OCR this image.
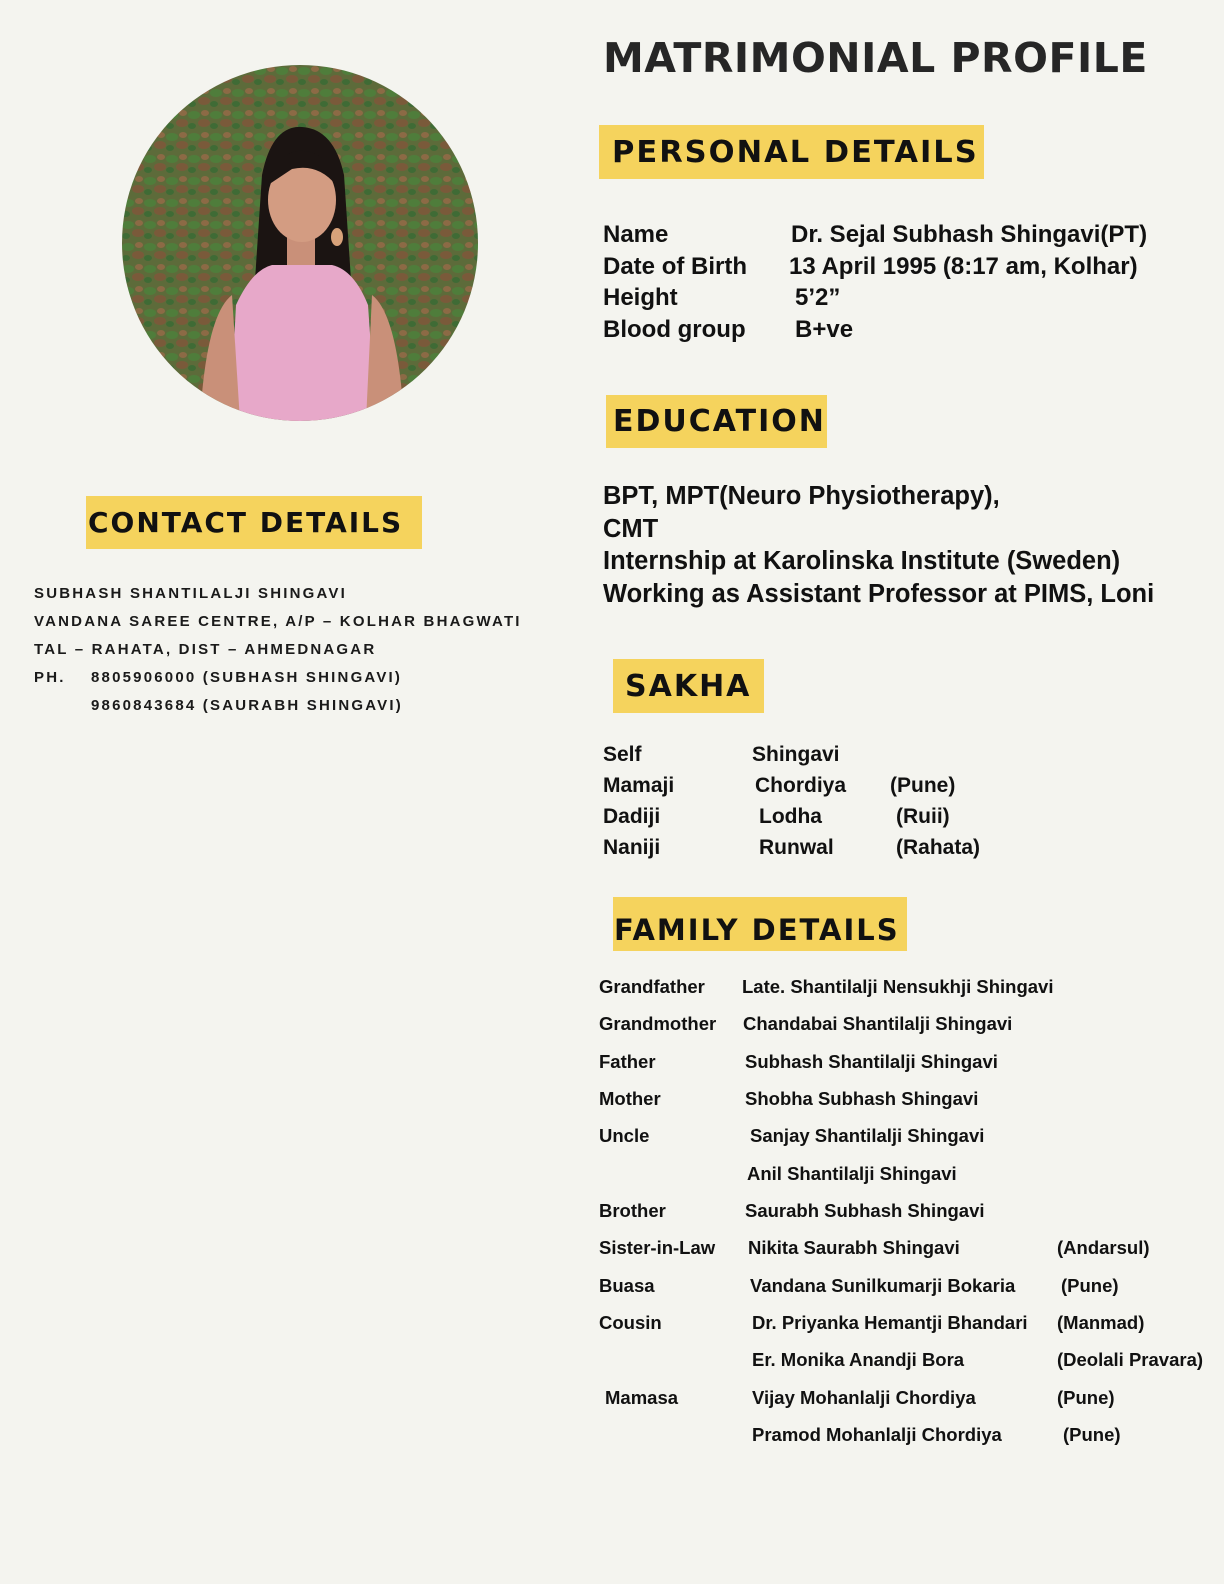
MATRIMONIAL PROFILE
CONTACT DETAILS
SUBHASH SHANTILALJI SHINGAVI
VANDANA SAREE CENTRE, A/P – KOLHAR BHAGWATI
TAL – RAHATA, DIST – AHMEDNAGAR
PH.	8805906000 (SUBHASH SHINGAVI)
9860843684 (SAURABH SHINGAVI)
PERSONAL DETAILS
Name	Dr. Sejal Subhash Shingavi(PT)
Date of Birth 13 April 1995 (8:17 am, Kolhar)
Height	5’2”
Blood group B+ve
EDUCATION
BPT, MPT(Neuro Physiotherapy),
CMT
Internship at Karolinska Institute (Sweden)
Working as Assistant Professor at PIMS, Loni
SAKHA
Self	Shingavi
Mamaji	Chordiya (Pune)
Dadiji	Lodha	(Ruii)
Naniji	Runwal	(Rahata)
FAMILY DETAILS
Grandfather Late. Shantilalji Nensukhji Shingavi
Grandmother Chandabai Shantilalji Shingavi
Father	Subhash Shantilalji Shingavi
Mother	Shobha Subhash Shingavi
Uncle	Sanjay Shantilalji Shingavi
Anil Shantilalji Shingavi
Brother	Saurabh Subhash Shingavi
Sister-in-Law Nikita Saurabh Shingavi	(Andarsul)
Buasa	Vandana Sunilkumarji Bokaria (Pune)
Cousin	Dr. Priyanka Hemantji Bhandari (Manmad)
Er. Monika Anandji Bora	(Deolali Pravara)
Mamasa	Vijay Mohanlalji Chordiya	(Pune)
Pramod Mohanlalji Chordiya	(Pune)
